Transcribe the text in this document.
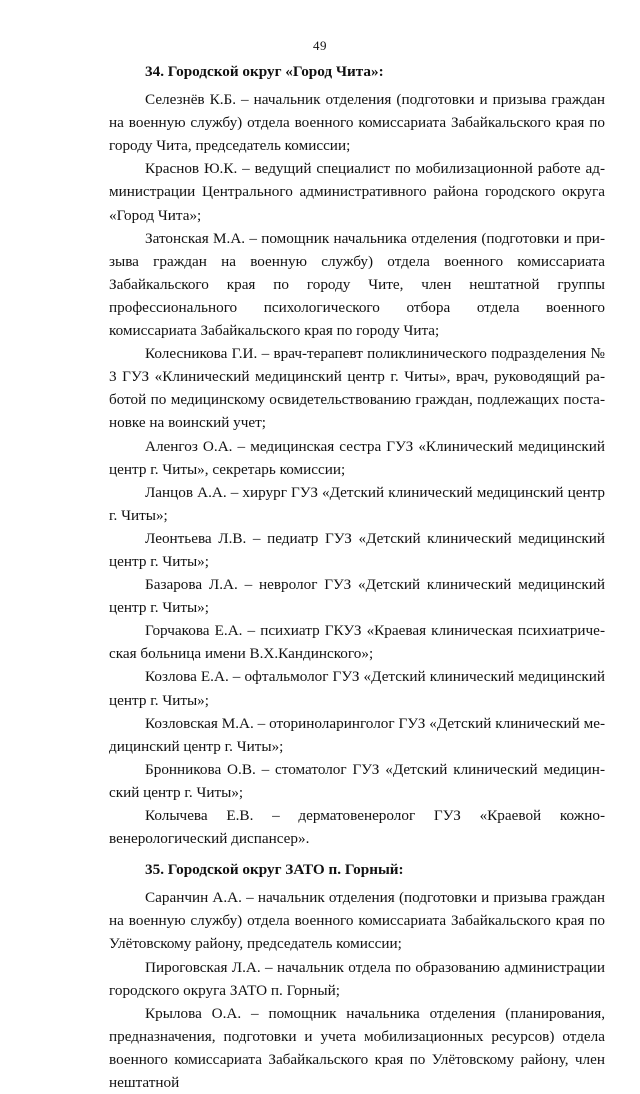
49

34. Городской округ «Город Чита»:

Селезнёв К.Б. – начальник отделения (подготовки и призыва граждан на военную службу) отдела военного комиссариата Забайкальского края по городу Чита, председатель комиссии;

Краснов Ю.К. – ведущий специалист по мобилизационной работе администрации Центрального административного района городского округа «Город Чита»;

Затонская М.А. – помощник начальника отделения (подготовки и призыва граждан на военную службу) отдела военного комиссариата Забайкальского края по городу Чите, член нештатной группы профессионального психологического отбора отдела военного комиссариата Забайкальского края по городу Чита;

Колесникова Г.И. – врач-терапевт поликлинического подразделения № 3 ГУЗ «Клинический медицинский центр г. Читы», врач, руководящий работой по медицинскому освидетельствованию граждан, подлежащих постановке на воинский учет;

Аленгоз О.А. – медицинская сестра ГУЗ «Клинический медицинский центр г. Читы», секретарь комиссии;

Ланцов А.А. – хирург ГУЗ «Детский клинический медицинский центр г. Читы»;

Леонтьева Л.В. – педиатр ГУЗ «Детский клинический медицинский центр г. Читы»;

Базарова Л.А. – невролог ГУЗ «Детский клинический медицинский центр г. Читы»;

Горчакова Е.А. – психиатр ГКУЗ «Краевая клиническая психиатрическая больница имени В.Х.Кандинского»;

Козлова Е.А. – офтальмолог ГУЗ «Детский клинический медицинский центр г. Читы»;

Козловская М.А. – оториноларинголог ГУЗ «Детский клинический медицинский центр г. Читы»;

Бронникова О.В. – стоматолог ГУЗ «Детский клинический медицинский центр г. Читы»;

Колычева Е.В. – дерматовенеролог ГУЗ «Краевой кожновенерологический диспансер».

35. Городской округ ЗАТО п. Горный:

Саранчин А.А. – начальник отделения (подготовки и призыва граждан на военную службу) отдела военного комиссариата Забайкальского края по Улётовскому району, председатель комиссии;

Пироговская Л.А. – начальник отдела по образованию администрации городского округа ЗАТО п. Горный;

Крылова О.А. – помощник начальника отделения (планирования, предназначения, подготовки и учета мобилизационных ресурсов) отдела военного комиссариата Забайкальского края по Улётовскому району, член нештатной
